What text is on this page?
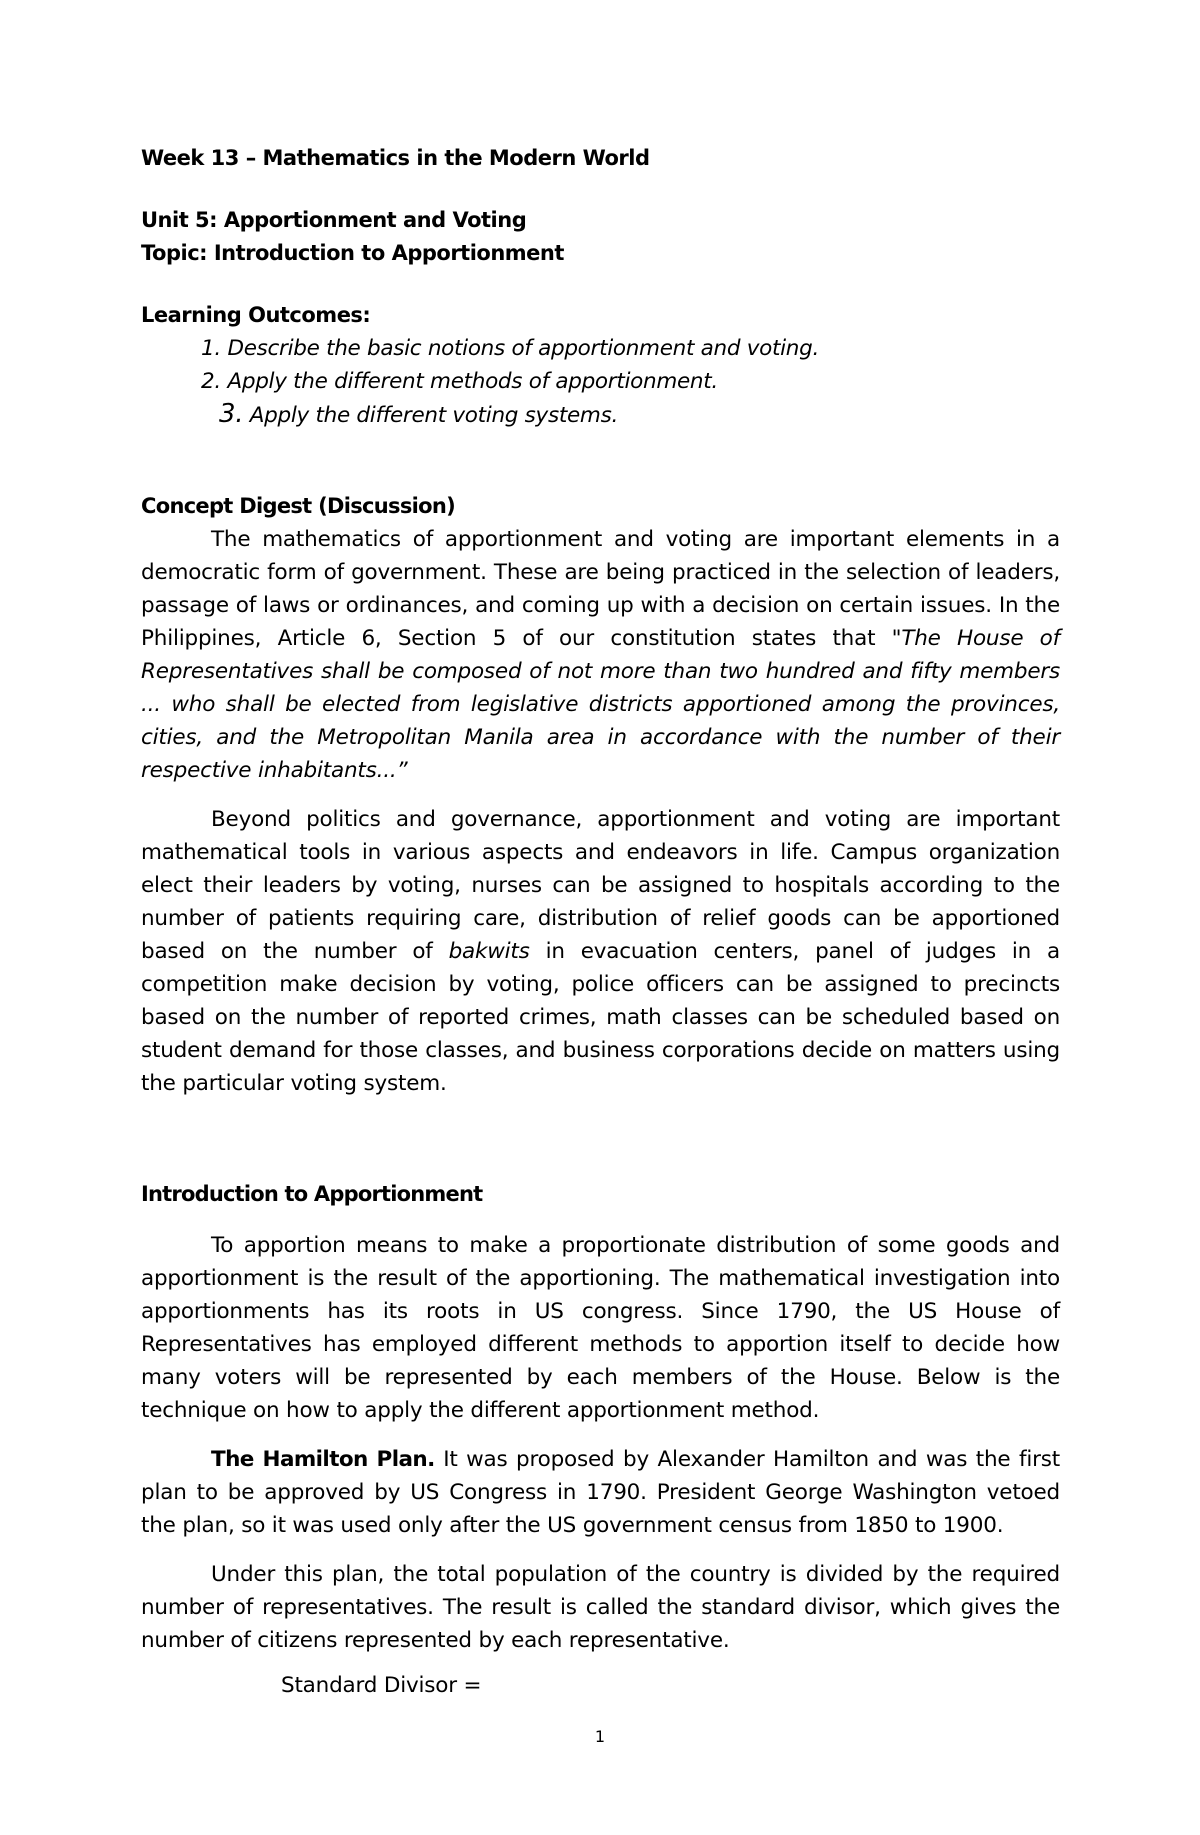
Week 13 – Mathematics in the Modern World

Unit 5: Apportionment and Voting

Topic: Introduction to Apportionment

Learning Outcomes:

1. Describe the basic notions of apportionment and voting.
2. Apply the different methods of apportionment.
3. Apply the different voting systems.

Concept Digest (Discussion)

The mathematics of apportionment and voting are important elements in a democratic form of government. These are being practiced in the selection of leaders, passage of laws or ordinances, and coming up with a decision on certain issues. In the Philippines, Article 6, Section 5 of our constitution states that "The House of Representatives shall be composed of not more than two hundred and fifty members ... who shall be elected from legislative districts apportioned among the provinces, cities, and the Metropolitan Manila area in accordance with the number of their respective inhabitants...”

Beyond politics and governance, apportionment and voting are important mathematical tools in various aspects and endeavors in life. Campus organization elect their leaders by voting, nurses can be assigned to hospitals according to the number of patients requiring care, distribution of relief goods can be apportioned based on the number of bakwits in evacuation centers, panel of judges in a competition make decision by voting, police officers can be assigned to precincts based on the number of reported crimes, math classes can be scheduled based on student demand for those classes, and business corporations decide on matters using the particular voting system.

Introduction to Apportionment

To apportion means to make a proportionate distribution of some goods and apportionment is the result of the apportioning. The mathematical investigation into apportionments has its roots in US congress. Since 1790, the US House of Representatives has employed different methods to apportion itself to decide how many voters will be represented by each members of the House. Below is the technique on how to apply the different apportionment method.

The Hamilton Plan. It was proposed by Alexander Hamilton and was the first plan to be approved by US Congress in 1790. President George Washington vetoed the plan, so it was used only after the US government census from 1850 to 1900.

Under this plan, the total population of the country is divided by the required number of representatives. The result is called the standard divisor, which gives the number of citizens represented by each representative.

Standard Divisor =

1
